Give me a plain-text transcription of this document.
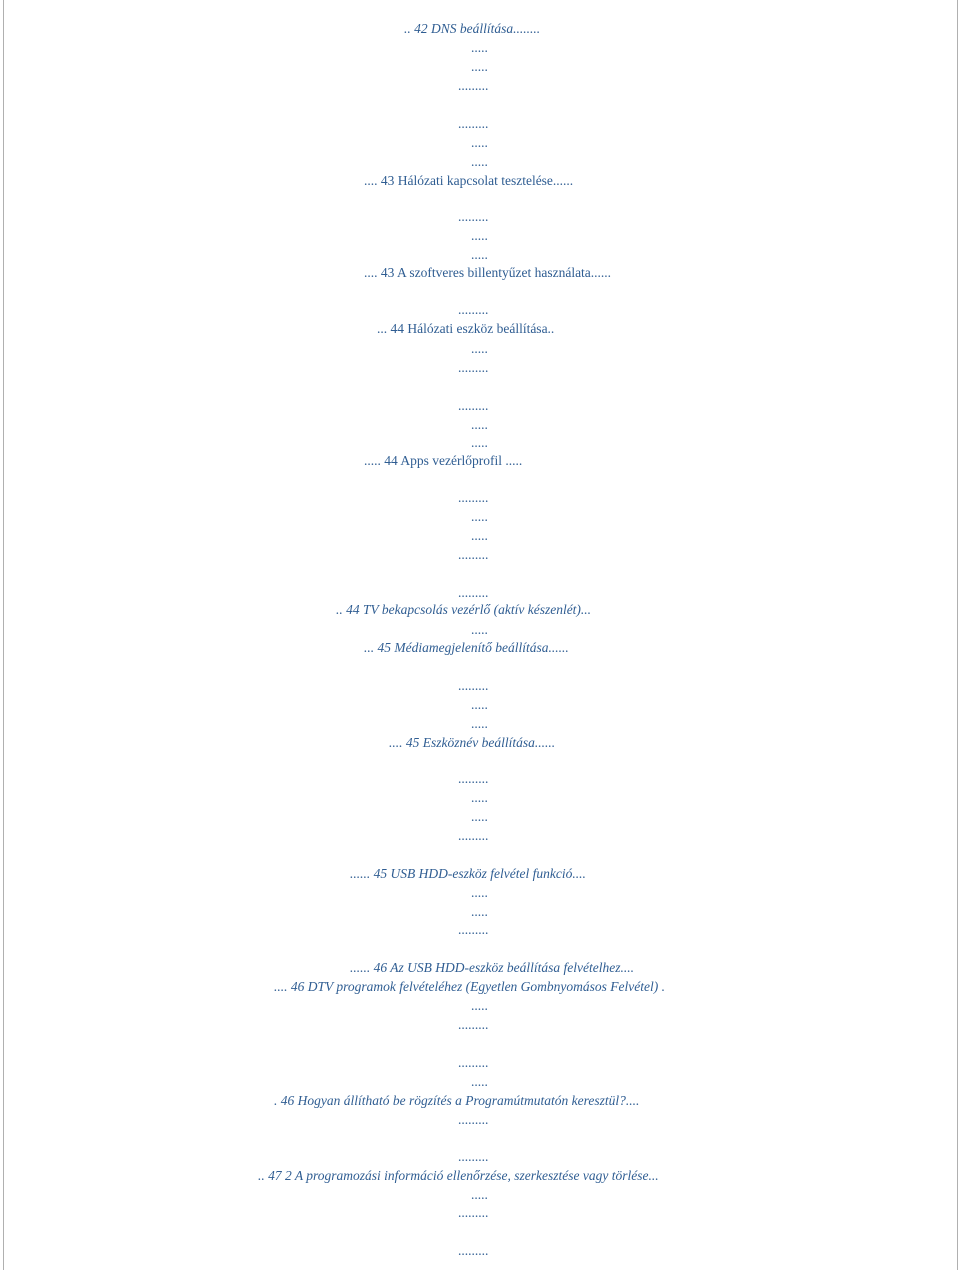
.. 42 DNS beállítása........
.....
.....
.........
.........
.....
.....
.... 43 Hálózati kapcsolat tesztelése......
.........
.....
.....
.... 43 A szoftveres billentyűzet használata......
.........
... 44 Hálózati eszköz beállítása..
.....
.........
.........
.....
.....
..... 44 Apps vezérlőprofil .....
.........
.....
.....
.........
.........
.. 44 TV bekapcsolás vezérlő (aktív készenlét)...
.....
... 45 Médiamegjelenítő beállítása......
.........
.....
.....
.... 45 Eszköznév beállítása......
.........
.....
.....
.........
...... 45 USB HDD-eszköz felvétel funkció....
.....
.....
.........
...... 46 Az USB HDD-eszköz beállítása felvételhez....
.... 46 DTV programok felvételéhez (Egyetlen Gombnyomásos Felvétel) .
.....
.........
.........
.....
. 46 Hogyan állítható be rögzítés a Programútmutatón keresztül?....
.........
.........
.. 47 2 A programozási információ ellenőrzése, szerkesztése vagy törlése...
.....
.........
.........
